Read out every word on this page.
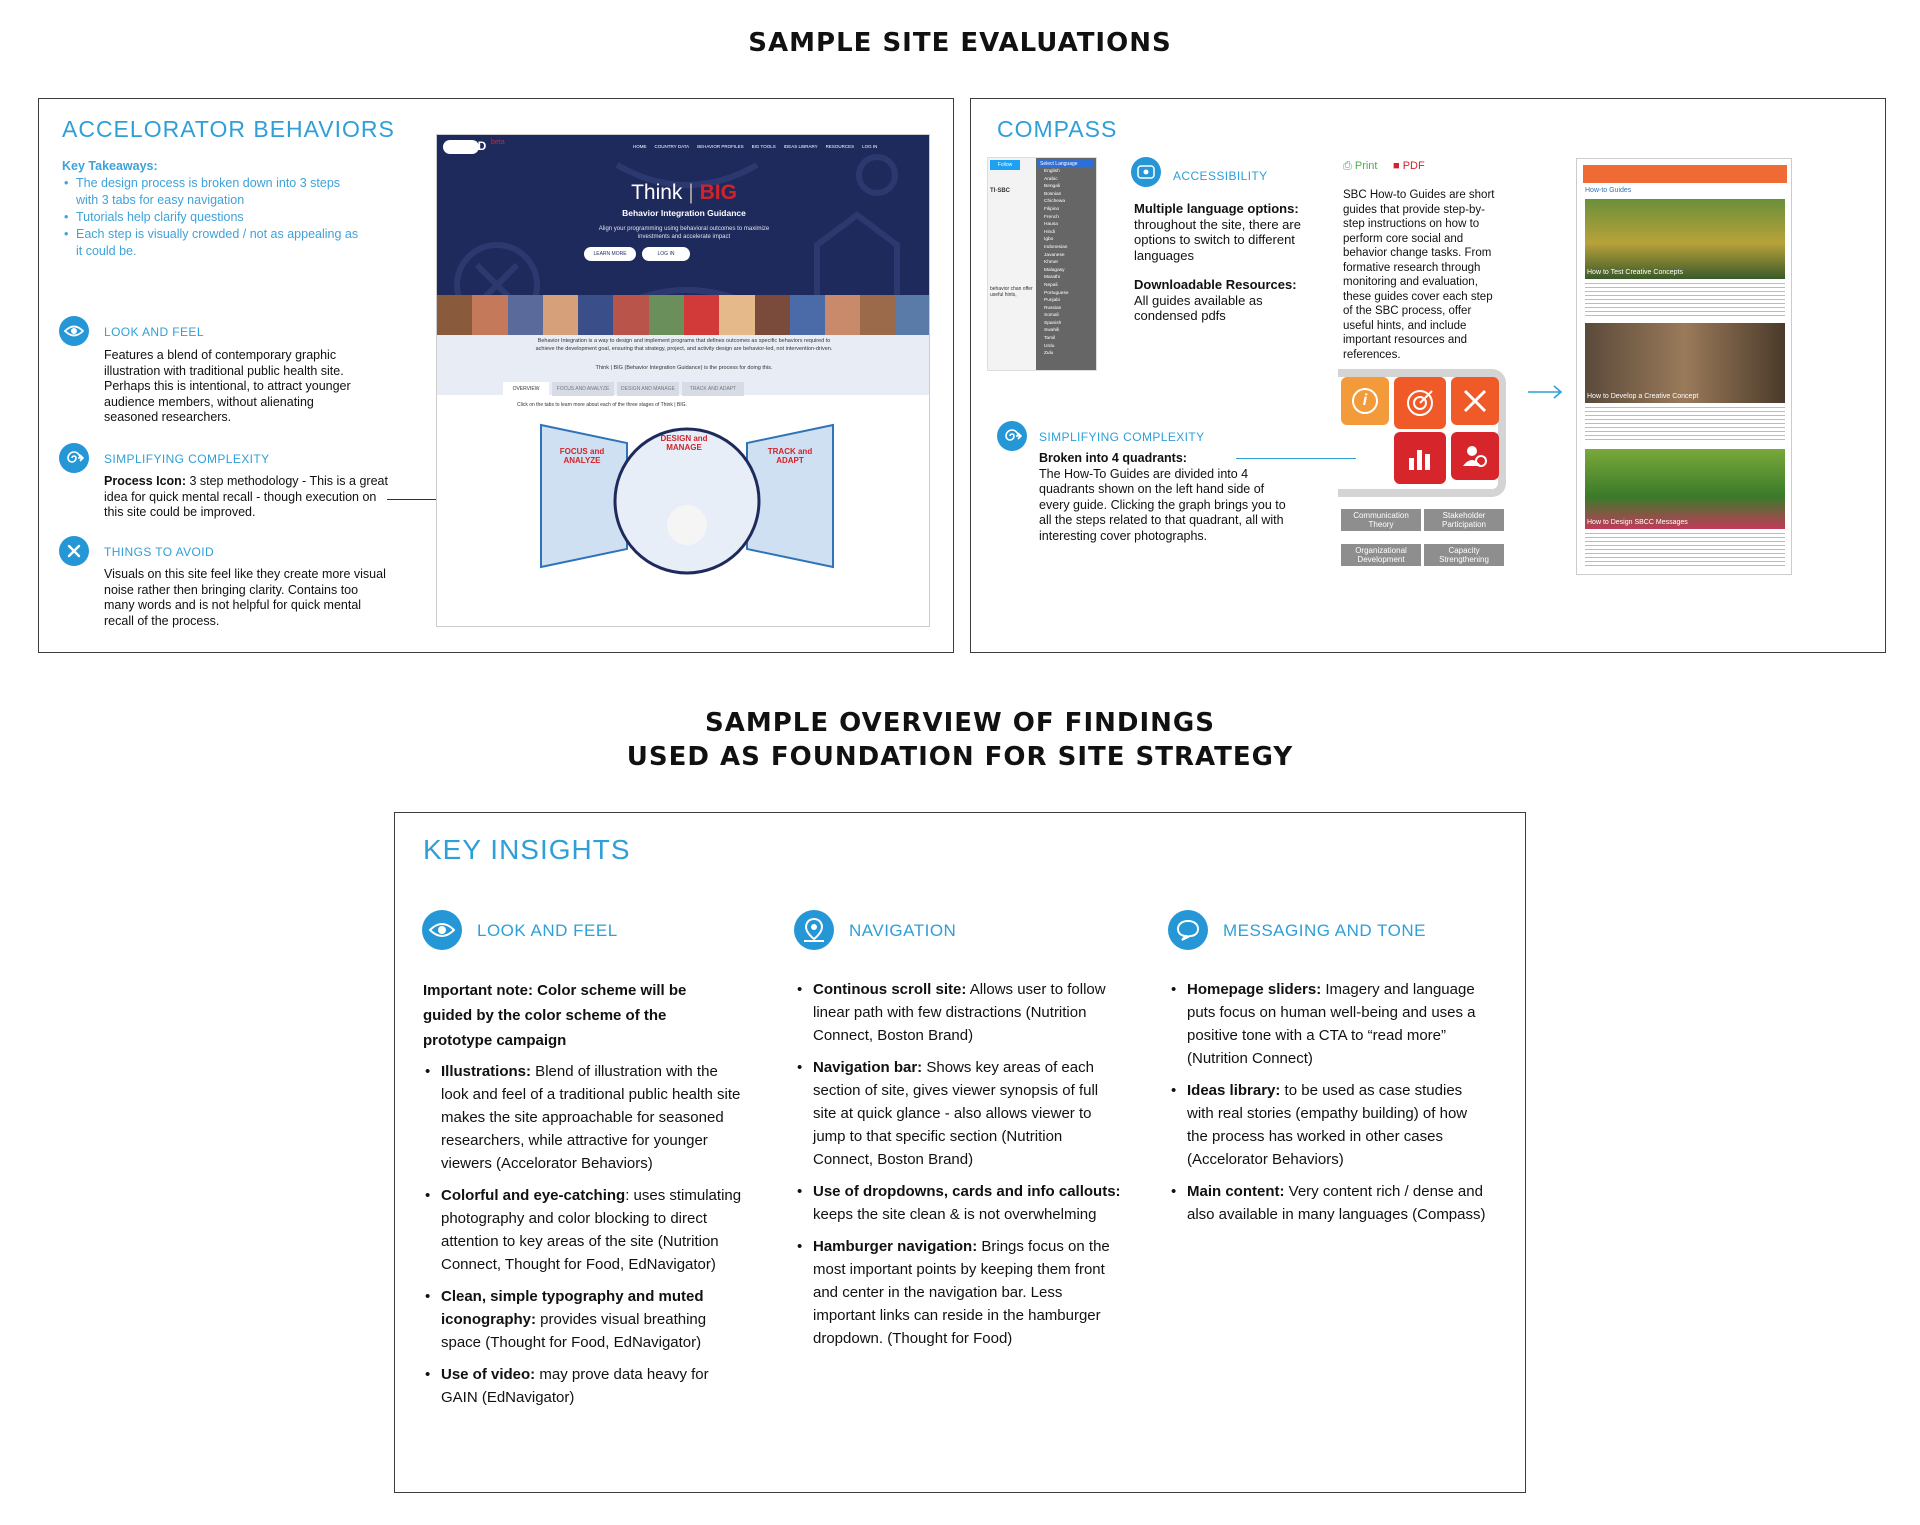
SAMPLE SITE EVALUATIONS
ACCELORATOR BEHAVIORS
Key Takeaways:
• The design process is broken down into 3 steps with 3 tabs for easy navigation
• Tutorials help clarify questions
• Each step is visually crowded / not as appealing as it could be.
LOOK AND FEEL
Features a blend of contemporary graphic illustration with traditional public health site. Perhaps this is intentional, to attract younger audience members, without alienating seasoned researchers.
SIMPLIFYING COMPLEXITY
Process Icon: 3 step methodology - This is a great idea for quick mental recall - though execution on this site could be improved.
THINGS TO AVOID
Visuals on this site feel like they create more visual noise rather then bringing clarity. Contains too many words and is not helpful for quick mental recall of the process.
USAID beta
HOME COUNTRY DATA BEHAVIOR PROFILES BIG TOOLS IDEAS LIBRARY RESOURCES LOG IN
Think | BIG
Behavior Integration Guidance
Align your programming using behavioral outcomes to maximize investments and accelerate impact
LEARN MORE	LOG IN
Behavior Integration is a way to design and implement programs that defines outcomes as specific behaviors required to achieve the development goal, ensuring that strategy, project, and activity design are behavior-led, not intervention-driven.
Think | BIG (Behavior Integration Guidance) is the process for doing this.
OVERVIEW	FOCUS AND ANALYZE	DESIGN AND MANAGE	TRACK AND ADAPT
Click on the tabs to learn more about each of the three stages of Think | BIG.
FOCUS and ANALYZE
DESIGN and MANAGE	TRACK and ADAPT
COMPASS
Follow
TI·SBC
behavior chan offer useful hints,
Select Language
English
Arabic
Bengali
Bosnian
Chichewa
Filipino
French
Hausa
Hindi
Igbo
Indonesian
Javanese
Khmer
Malagasy
Marathi
Nepali
Portuguese
Punjabi
Russian
Somali
Spanish
Swahili
Tamil
Urdu
Zulu
ACCESSIBILITY
Multiple language options:
throughout the site, there are options to switch to different languages
Downloadable Resources:
All guides available as condensed pdfs
⎙ Print ■ PDF
SBC How-to Guides are short guides that provide step-by-step instructions on how to perform core social and behavior change tasks. From formative research through monitoring and evaluation, these guides cover each step of the SBC process, offer useful hints, and include important resources and references.
SIMPLIFYING COMPLEXITY
Broken into 4 quadrants:
The How-To Guides are divided into 4 quadrants shown on the left hand side of every guide. Clicking the graph brings you to all the steps related to that quadrant, all with interesting cover photographs.
i
Communication Theory
Stakeholder Participation
Organizational Development
Capacity Strengthening
How-to Guides
How to Test Creative Concepts
How to Develop a Creative Concept
How to Design SBCC Messages
SAMPLE OVERVIEW OF FINDINGS
USED AS FOUNDATION FOR SITE STRATEGY
KEY INSIGHTS
LOOK AND FEEL
Important note: Color scheme will be guided by the color scheme of the prototype campaign
• Illustrations: Blend of illustration with the look and feel of a traditional public health site makes the site approachable for seasoned researchers, while attractive for younger viewers (Accelorator Behaviors)
• Colorful and eye-catching: uses stimulating photography and color blocking to direct attention to key areas of the site (Nutrition Connect, Thought for Food, EdNavigator)
• Clean, simple typography and muted iconography: provides visual breathing space (Thought for Food, EdNavigator)
• Use of video: may prove data heavy for GAIN (EdNavigator)
NAVIGATION
• Continous scroll site: Allows user to follow linear path with few distractions (Nutrition Connect, Boston Brand)
• Navigation bar: Shows key areas of each section of site, gives viewer synopsis of full site at quick glance - also allows viewer to jump to that specific section (Nutrition Connect, Boston Brand)
• Use of dropdowns, cards and info callouts: keeps the site clean & is not overwhelming
• Hamburger navigation: Brings focus on the most important points by keeping them front and center in the navigation bar. Less important links can reside in the hamburger dropdown. (Thought for Food)
MESSAGING AND TONE
• Homepage sliders: Imagery and language puts focus on human well-being and uses a positive tone with a CTA to “read more” (Nutrition Connect)
• Ideas library: to be used as case studies with real stories (empathy building) of how the process has worked in other cases (Accelorator Behaviors)
• Main content: Very content rich / dense and also available in many languages (Compass)
